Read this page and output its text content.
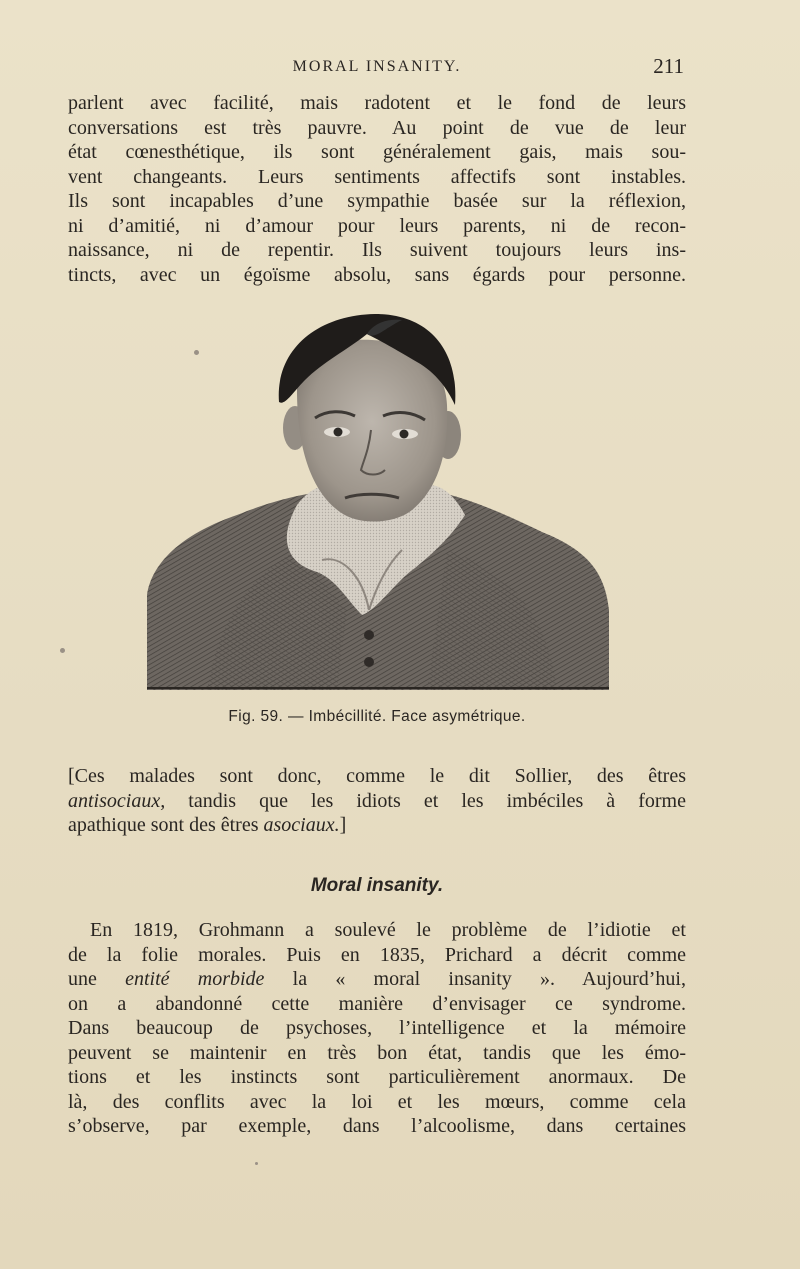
MORAL INSANITY.	211
parlent avec facilité, mais radotent et le fond de leurs
conversations est très pauvre. Au point de vue de leur
état cœnesthétique, ils sont généralement gais, mais sou-
vent changeants. Leurs sentiments affectifs sont instables.
Ils sont incapables d’une sympathie basée sur la réflexion,
ni d’amitié, ni d’amour pour leurs parents, ni de recon-
naissance, ni de repentir. Ils suivent toujours leurs ins-
tincts, avec un égoïsme absolu, sans égards pour personne.
Fig. 59. — Imbécillité. Face asymétrique.
[Ces malades sont donc, comme le dit Sollier, des êtres
antisociaux, tandis que les idiots et les imbéciles à forme
apathique sont des êtres asociaux.]
Moral insanity.
En 1819, Grohmann a soulevé le problème de l’idiotie et
de la folie morales. Puis en 1835, Prichard a décrit comme
une entité morbide la « moral insanity ». Aujourd’hui,
on a abandonné cette manière d’envisager ce syndrome.
Dans beaucoup de psychoses, l’intelligence et la mémoire
peuvent se maintenir en très bon état, tandis que les émo-
tions et les instincts sont particulièrement anormaux. De
là, des conflits avec la loi et les mœurs, comme cela
s’observe, par exemple, dans l’alcoolisme, dans certaines
